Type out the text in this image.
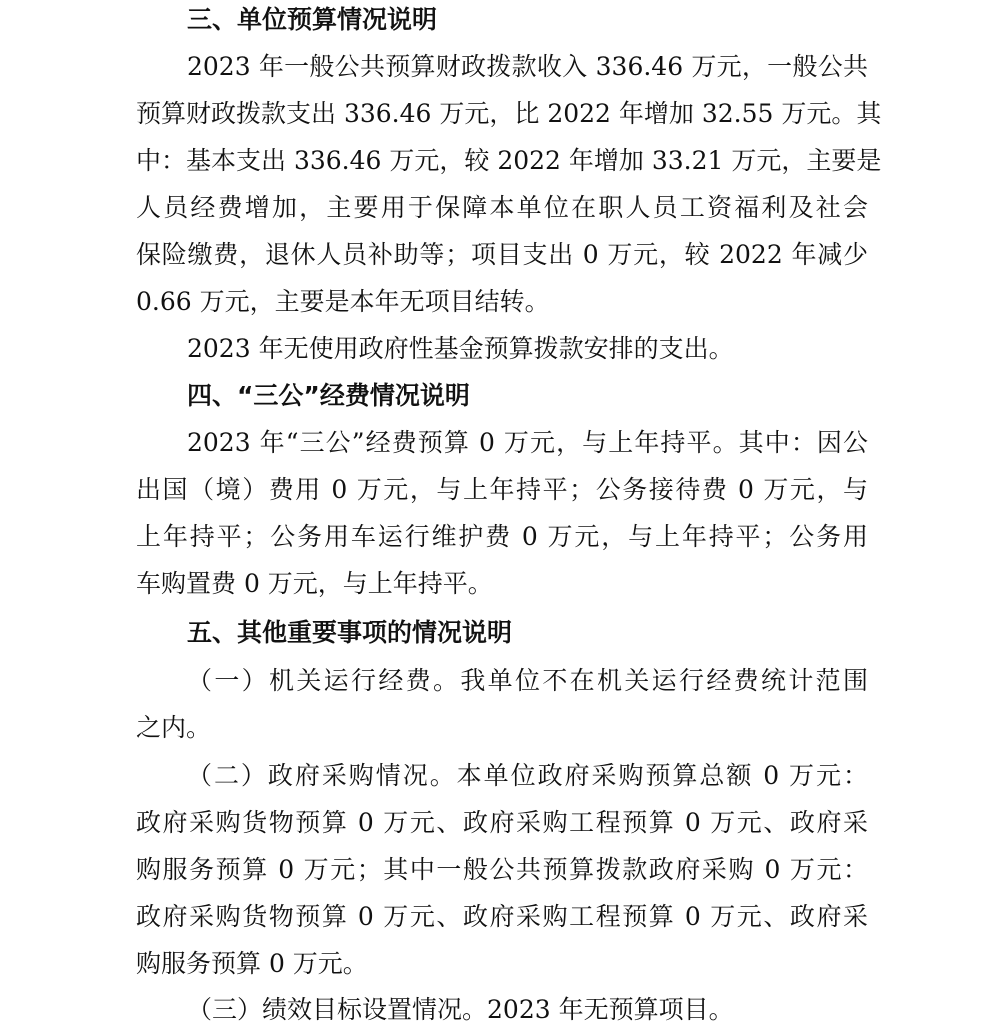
三、单位预算情况说明
2023 年一般公共预算财政拨款收入 336.46 万元，一般公共
预算财政拨款支出 336.46 万元，比 2022 年增加 32.55 万元。其
中：基本支出 336.46 万元，较 2022 年增加 33.21 万元，主要是
人员经费增加，主要用于保障本单位在职人员工资福利及社会
保险缴费，退休人员补助等；项目支出 0 万元，较 2022 年减少
0.66 万元，主要是本年无项目结转。
2023 年无使用政府性基金预算拨款安排的支出。
四、“三公”经费情况说明
2023 年“三公”经费预算 0 万元，与上年持平。其中：因公
出国（境）费用 0 万元，与上年持平；公务接待费 0 万元，与
上年持平；公务用车运行维护费 0 万元，与上年持平；公务用
车购置费 0 万元，与上年持平。
五、其他重要事项的情况说明
（一）机关运行经费。我单位不在机关运行经费统计范围
之内。
（二）政府采购情况。本单位政府采购预算总额 0 万元：
政府采购货物预算 0 万元、政府采购工程预算 0 万元、政府采
购服务预算 0 万元；其中一般公共预算拨款政府采购 0 万元：
政府采购货物预算 0 万元、政府采购工程预算 0 万元、政府采
购服务预算 0 万元。
（三）绩效目标设置情况。2023 年无预算项目。
